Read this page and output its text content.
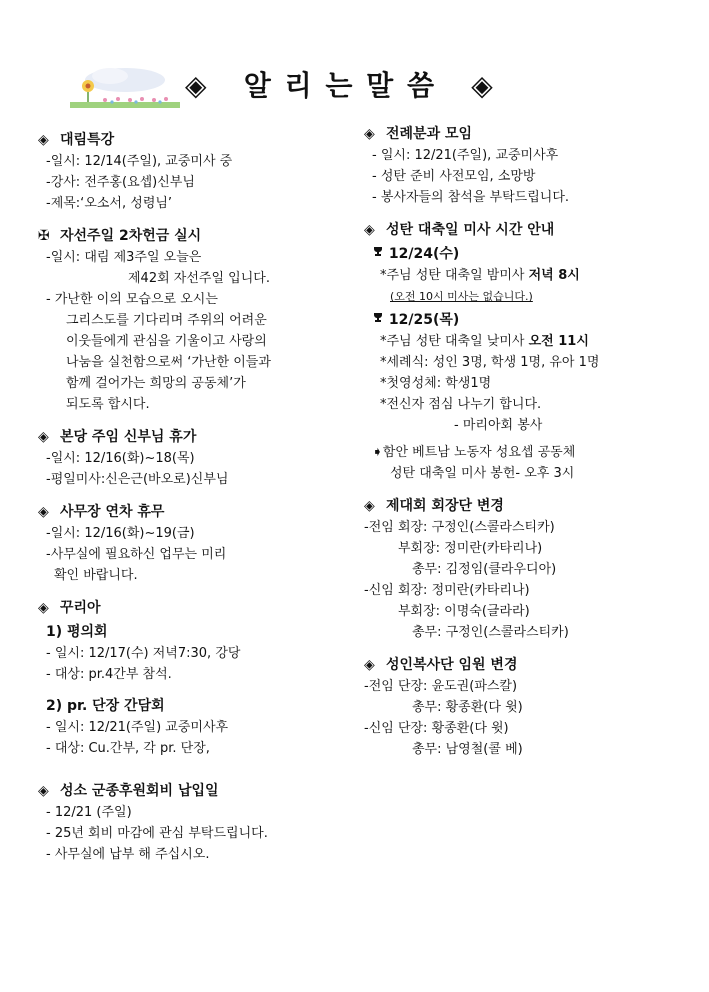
◈ 알 리 는 말 씀 ◈
◈ 대림특강
-일시: 12/14(주일), 교중미사 중
-강사: 전주홍(요셉)신부님
-제목:‘오소서, 성령님’
✠ 자선주일 2차헌금 실시
-일시: 대림 제3주일 오늘은
제42회 자선주일 입니다.
- 가난한 이의 모습으로 오시는
그리스도를 기다리며 주위의 어려운
이웃들에게 관심을 기울이고 사랑의
나눔을 실천함으로써 ‘가난한 이들과
함께 걸어가는 희망의 공동체’가
되도록 합시다.
◈ 본당 주임 신부님 휴가
-일시: 12/16(화)~18(목)
-평일미사:신은근(바오로)신부님
◈ 사무장 연차 휴무
-일시: 12/16(화)~19(금)
-사무실에 필요하신 업무는 미리
확인 바랍니다.
◈ 꾸리아
1) 평의회
- 일시: 12/17(수) 저녁7:30, 강당
- 대상: pr.4간부 참석.
2) pr. 단장 간담회
- 일시: 12/21(주일) 교중미사후
- 대상: Cu.간부, 각 pr. 단장,
◈ 성소 군종후원회비 납입일
- 12/21 (주일)
- 25년 회비 마감에 관심 부탁드립니다.
- 사무실에 납부 해 주십시오.
◈ 전례분과 모임
- 일시: 12/21(주일), 교중미사후
- 성탄 준비 사전모임, 소망방
- 봉사자들의 참석을 부탁드립니다.
◈ 성탄 대축일 미사 시간 안내
12/24(수)
*주님 성탄 대축일 밤미사 저녁 8시
(오전 10시 미사는 없습니다.)
12/25(목)
*주님 성탄 대축일 낮미사 오전 11시
*세례식: 성인 3명, 학생 1명, 유아 1명
*첫영성체: 학생1명
*전신자 점심 나누기 합니다.
- 마리아회 봉사
➧함안 베트남 노동자 성요셉 공동체
성탄 대축일 미사 봉헌- 오후 3시
◈ 제대회 회장단 변경
-전임 회장: 구정인(스콜라스티카)
부회장: 정미란(카타리나)
총무: 김정임(클라우디아)
-신임 회장: 정미란(카타리나)
부회장: 이명숙(글라라)
총무: 구정인(스콜라스티카)
◈ 성인복사단 임원 변경
-전임 단장: 윤도권(파스칼)
총무: 황종환(다 윗)
-신임 단장: 황종환(다 윗)
총무: 남영철(콜 베)
